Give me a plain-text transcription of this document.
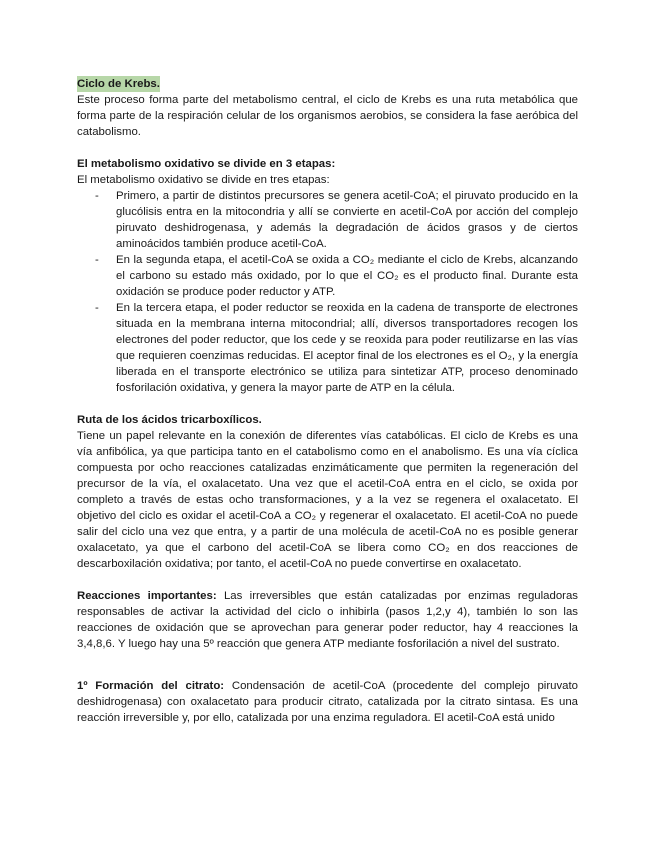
Ciclo de Krebs.

Este proceso forma parte del metabolismo central, el ciclo de Krebs es una ruta metabólica que forma parte de la respiración celular de los organismos aerobios, se considera la fase aeróbica del catabolismo.

El metabolismo oxidativo se divide en 3 etapas:

El metabolismo oxidativo se divide en tres etapas:

- Primero, a partir de distintos precursores se genera acetil-CoA; el piruvato producido en la glucólisis entra en la mitocondria y allí se convierte en acetil-CoA por acción del complejo piruvato deshidrogenasa, y además la degradación de ácidos grasos y de ciertos aminoácidos también produce acetil-CoA.
- En la segunda etapa, el acetil-CoA se oxida a CO₂ mediante el ciclo de Krebs, alcanzando el carbono su estado más oxidado, por lo que el CO₂ es el producto final. Durante esta oxidación se produce poder reductor y ATP.
- En la tercera etapa, el poder reductor se reoxida en la cadena de transporte de electrones situada en la membrana interna mitocondrial; allí, diversos transportadores recogen los electrones del poder reductor, que los cede y se reoxida para poder reutilizarse en las vías que requieren coenzimas reducidas. El aceptor final de los electrones es el O₂, y la energía liberada en el transporte electrónico se utiliza para sintetizar ATP, proceso denominado fosforilación oxidativa, y genera la mayor parte de ATP en la célula.

Ruta de los ácidos tricarboxílicos.

Tiene un papel relevante en la conexión de diferentes vías catabólicas. El ciclo de Krebs es una vía anfibólica, ya que participa tanto en el catabolismo como en el anabolismo. Es una vía cíclica compuesta por ocho reacciones catalizadas enzimáticamente que permiten la regeneración del precursor de la vía, el oxalacetato. Una vez que el acetil-CoA entra en el ciclo, se oxida por completo a través de estas ocho transformaciones, y a la vez se regenera el oxalacetato. El objetivo del ciclo es oxidar el acetil-CoA a CO₂ y regenerar el oxalacetato. El acetil-CoA no puede salir del ciclo una vez que entra, y a partir de una molécula de acetil-CoA no es posible generar oxalacetato, ya que el carbono del acetil-CoA se libera como CO₂ en dos reacciones de descarboxilación oxidativa; por tanto, el acetil-CoA no puede convertirse en oxalacetato.

Reacciones importantes: Las irreversibles que están catalizadas por enzimas reguladoras responsables de activar la actividad del ciclo o inhibirla (pasos 1,2,y 4), también lo son las reacciones de oxidación que se aprovechan para generar poder reductor, hay 4 reacciones la 3,4,8,6. Y luego hay una 5º reacción que genera ATP mediante fosforilación a nivel del sustrato.

1º Formación del citrato: Condensación de acetil-CoA (procedente del complejo piruvato deshidrogenasa) con oxalacetato para producir citrato, catalizada por la citrato sintasa. Es una reacción irreversible y, por ello, catalizada por una enzima reguladora. El acetil-CoA está unido
